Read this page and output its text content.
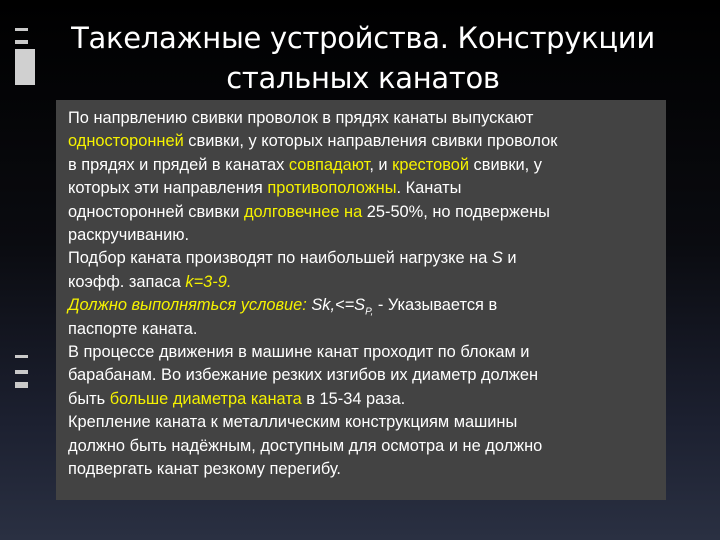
Такелажные устройства. Конструкции
стальных канатов

По напрвлению свивки проволок в прядях канаты выпускают

односторонней свивки, у которых направления свивки проволок

в прядях и прядей в канатах совпадают, и крестовой свивки, у

которых эти направления противоположны. Канаты

односторонней свивки долговечнее на 25-50%, но подвержены

раскручиванию.

Подбор каната производят по наибольшей нагрузке на S и

коэфф. запаса k=3-9.

Должно выполняться условие: $Sk,<=S_{P,}$ - Указывается в

паспорте каната.

В процессе движения в машине канат проходит по блокам и

барабанам. Во избежание резких изгибов их диаметр должен

быть больше диаметра каната в 15-34 раза.

Крепление каната к металлическим конструкциям машины

должно быть надёжным, доступным для осмотра и не должно

подвергать канат резкому перегибу.
